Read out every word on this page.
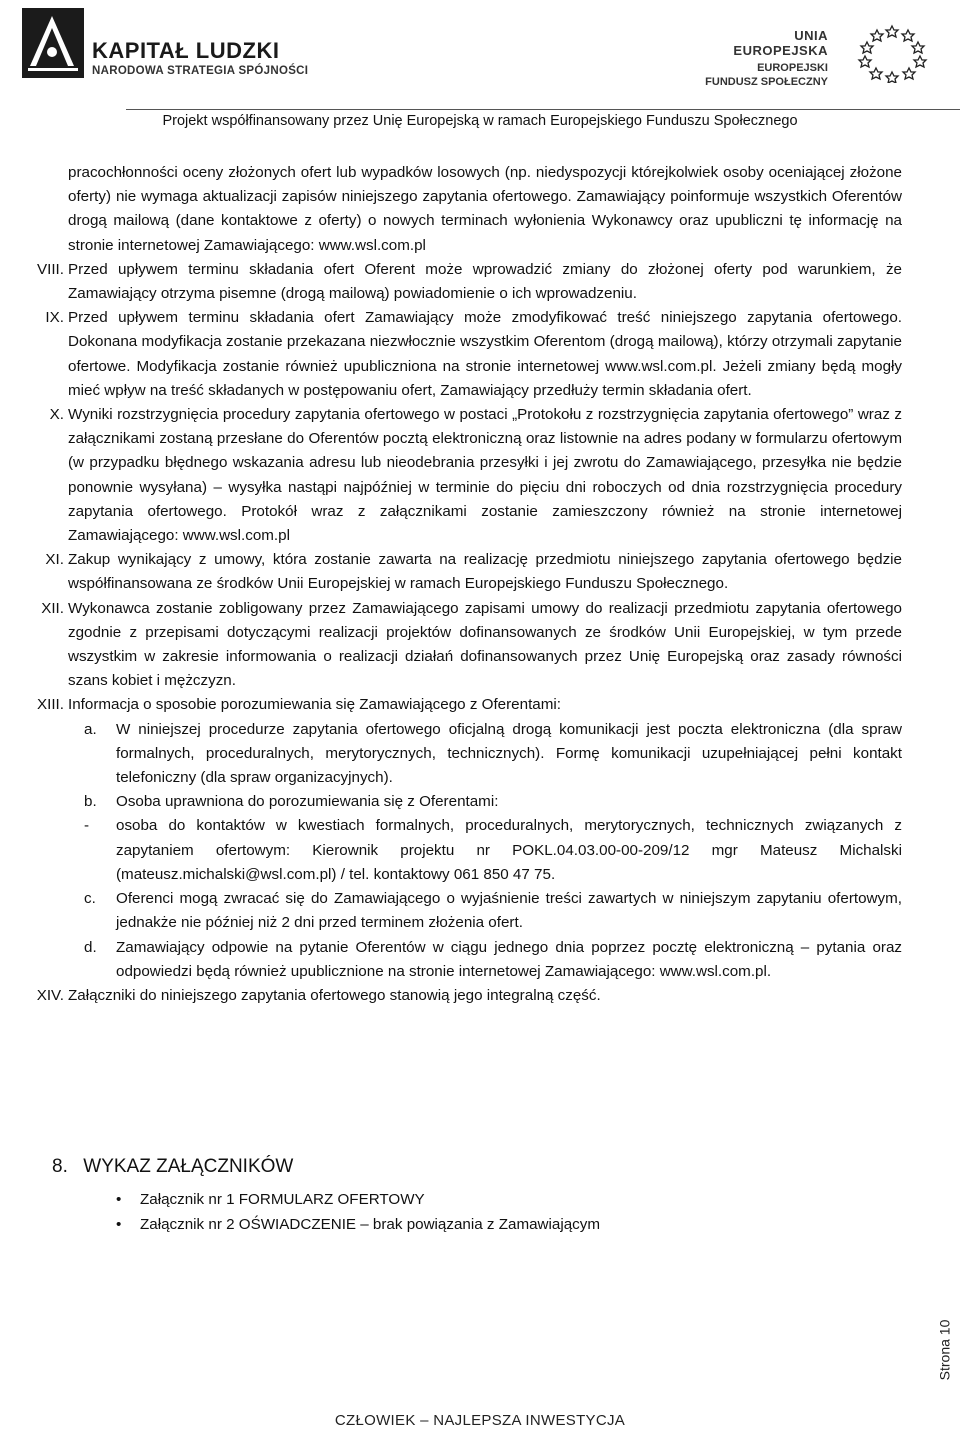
KAPITAŁ LUDZKI
NARODOWA STRATEGIA SPÓJNOŚCI
UNIA EUROPEJSKA
EUROPEJSKI
FUNDUSZ SPOŁECZNY
Projekt współfinansowany przez Unię Europejską w ramach Europejskiego Funduszu Społecznego
pracochłonności oceny złożonych ofert lub wypadków losowych (np. niedyspozycji którejkolwiek osoby oceniającej złożone oferty) nie wymaga aktualizacji zapisów niniejszego zapytania ofertowego. Zamawiający poinformuje wszystkich Oferentów drogą mailową (dane kontaktowe z oferty) o nowych terminach wyłonienia Wykonawcy oraz upubliczni tę informację na stronie internetowej Zamawiającego: www.wsl.com.pl
VIII. Przed upływem terminu składania ofert Oferent może wprowadzić zmiany do złożonej oferty pod warunkiem, że Zamawiający otrzyma pisemne (drogą mailową) powiadomienie o ich wprowadzeniu.
IX. Przed upływem terminu składania ofert Zamawiający może zmodyfikować treść niniejszego zapytania ofertowego. Dokonana modyfikacja zostanie przekazana niezwłocznie wszystkim Oferentom (drogą mailową), którzy otrzymali zapytanie ofertowe. Modyfikacja zostanie również upubliczniona na stronie internetowej www.wsl.com.pl. Jeżeli zmiany będą mogły mieć wpływ na treść składanych w postępowaniu ofert, Zamawiający przedłuży termin składania ofert.
X. Wyniki rozstrzygnięcia procedury zapytania ofertowego w postaci „Protokołu z rozstrzygnięcia zapytania ofertowego” wraz z załącznikami zostaną przesłane do Oferentów pocztą elektroniczną oraz listownie na adres podany w formularzu ofertowym (w przypadku błędnego wskazania adresu lub nieodebrania przesyłki i jej zwrotu do Zamawiającego, przesyłka nie będzie ponownie wysyłana) – wysyłka nastąpi najpóźniej w terminie do pięciu dni roboczych od dnia rozstrzygnięcia procedury zapytania ofertowego. Protokół wraz z załącznikami zostanie zamieszczony również na stronie internetowej Zamawiającego: www.wsl.com.pl
XI. Zakup wynikający z umowy, która zostanie zawarta na realizację przedmiotu niniejszego zapytania ofertowego będzie współfinansowana ze środków Unii Europejskiej w ramach Europejskiego Funduszu Społecznego.
XII. Wykonawca zostanie zobligowany przez Zamawiającego zapisami umowy do realizacji przedmiotu zapytania ofertowego zgodnie z przepisami dotyczącymi realizacji projektów dofinansowanych ze środków Unii Europejskiej, w tym przede wszystkim w zakresie informowania o realizacji działań dofinansowanych przez Unię Europejską oraz zasady równości szans kobiet i mężczyzn.
XIII. Informacja o sposobie porozumiewania się Zamawiającego z Oferentami:
a.	W niniejszej procedurze zapytania ofertowego oficjalną drogą komunikacji jest poczta elektroniczna (dla spraw formalnych, proceduralnych, merytorycznych, technicznych). Formę komunikacji uzupełniającej pełni kontakt telefoniczny (dla spraw organizacyjnych).
b.	Osoba uprawniona do porozumiewania się z Oferentami:
-	osoba do kontaktów w kwestiach formalnych, proceduralnych, merytorycznych, technicznych związanych z zapytaniem ofertowym: Kierownik projektu nr POKL.04.03.00-00-209/12 mgr Mateusz Michalski (mateusz.michalski@wsl.com.pl) / tel. kontaktowy 061 850 47 75.
c.	Oferenci mogą zwracać się do Zamawiającego o wyjaśnienie treści zawartych w niniejszym zapytaniu ofertowym, jednakże nie później niż 2 dni przed terminem złożenia ofert.
d.	Zamawiający odpowie na pytanie Oferentów w ciągu jednego dnia poprzez pocztę elektroniczną – pytania oraz odpowiedzi będą również upublicznione na stronie internetowej Zamawiającego: www.wsl.com.pl.
XIV. Załączniki do niniejszego zapytania ofertowego stanowią jego integralną część.
8. WYKAZ ZAŁĄCZNIKÓW
• Załącznik nr 1 FORMULARZ OFERTOWY
• Załącznik nr 2 OŚWIADCZENIE – brak powiązania z Zamawiającym
Strona 10
CZŁOWIEK – NAJLEPSZA INWESTYCJA
